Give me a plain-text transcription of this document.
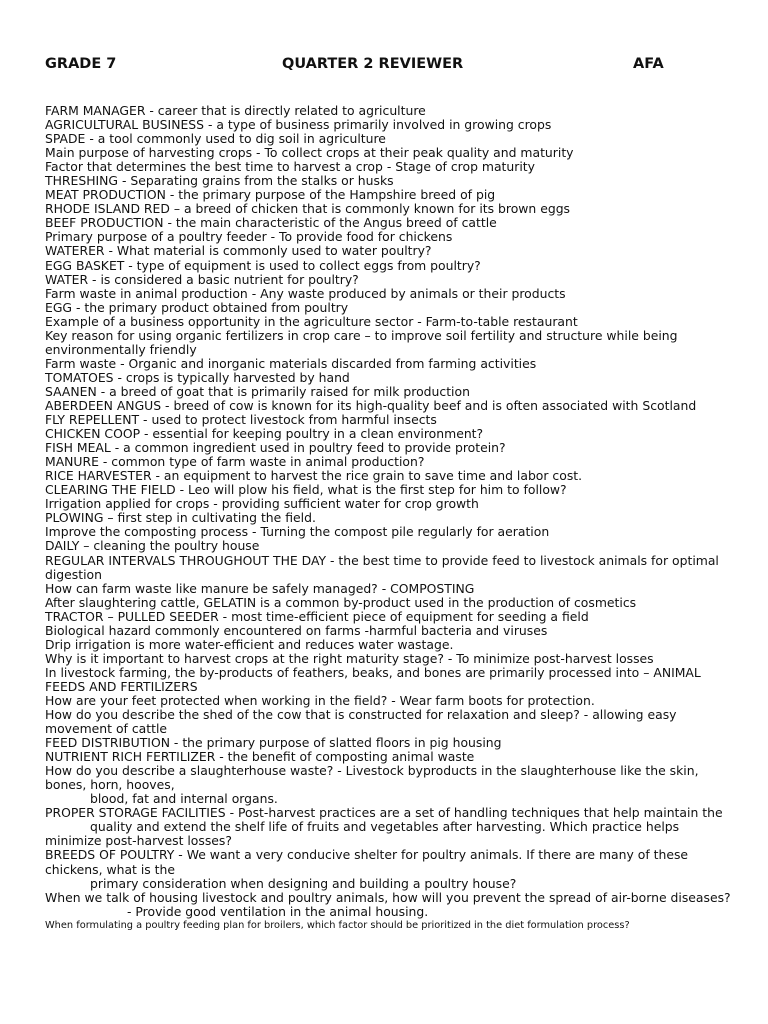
GRADE 7	QUARTER 2 REVIEWER	AFA
FARM MANAGER - career that is directly related to agriculture
AGRICULTURAL BUSINESS - a type of business primarily involved in growing crops
SPADE - a tool commonly used to dig soil in agriculture
Main purpose of harvesting crops - To collect crops at their peak quality and maturity
Factor that determines the best time to harvest a crop - Stage of crop maturity
THRESHING - Separating grains from the stalks or husks
MEAT PRODUCTION - the primary purpose of the Hampshire breed of pig
RHODE ISLAND RED – a breed of chicken that is commonly known for its brown eggs
BEEF PRODUCTION - the main characteristic of the Angus breed of cattle
Primary purpose of a poultry feeder - To provide food for chickens
WATERER - What material is commonly used to water poultry?
EGG BASKET - type of equipment is used to collect eggs from poultry?
WATER - is considered a basic nutrient for poultry?
Farm waste in animal production - Any waste produced by animals or their products
EGG - the primary product obtained from poultry
Example of a business opportunity in the agriculture sector - Farm-to-table restaurant
Key reason for using organic fertilizers in crop care – to improve soil fertility and structure while being environmentally friendly
Farm waste - Organic and inorganic materials discarded from farming activities
TOMATOES - crops is typically harvested by hand
SAANEN - a breed of goat that is primarily raised for milk production
ABERDEEN ANGUS - breed of cow is known for its high-quality beef and is often associated with Scotland
FLY REPELLENT - used to protect livestock from harmful insects
CHICKEN COOP - essential for keeping poultry in a clean environment?
FISH MEAL - a common ingredient used in poultry feed to provide protein?
MANURE - common type of farm waste in animal production?
RICE HARVESTER - an equipment to harvest the rice grain to save time and labor cost.
CLEARING THE FIELD - Leo will plow his field, what is the first step for him to follow?
Irrigation applied for crops - providing sufficient water for crop growth
PLOWING – first step in cultivating the field.
Improve the composting process - Turning the compost pile regularly for aeration
DAILY – cleaning the poultry house
REGULAR INTERVALS THROUGHOUT THE DAY - the best time to provide feed to livestock animals for optimal digestion
How can farm waste like manure be safely managed? - COMPOSTING
After slaughtering cattle, GELATIN is a common by-product used in the production of cosmetics
TRACTOR – PULLED SEEDER - most time-efficient piece of equipment for seeding a field
Biological hazard commonly encountered on farms -harmful bacteria and viruses
Drip irrigation is more water-efficient and reduces water wastage.
Why is it important to harvest crops at the right maturity stage? - To minimize post-harvest losses
In livestock farming, the by-products of feathers, beaks, and bones are primarily processed into – ANIMAL FEEDS AND FERTILIZERS
How are your feet protected when working in the field? - Wear farm boots for protection.
How do you describe the shed of the cow that is constructed for relaxation and sleep? - allowing easy movement of cattle
FEED DISTRIBUTION - the primary purpose of slatted floors in pig housing
NUTRIENT RICH FERTILIZER - the benefit of composting animal waste
How do you describe a slaughterhouse waste? - Livestock byproducts in the slaughterhouse like the skin, bones, horn, hooves,
blood, fat and internal organs.
PROPER STORAGE FACILITIES - Post-harvest practices are a set of handling techniques that help maintain the
quality and extend the shelf life of fruits and vegetables after harvesting. Which practice helps minimize post-harvest losses?
BREEDS OF POULTRY - We want a very conducive shelter for poultry animals. If there are many of these chickens, what is the
primary consideration when designing and building a poultry house?
When we talk of housing livestock and poultry animals, how will you prevent the spread of air-borne diseases?
- Provide good ventilation in the animal housing.
When formulating a poultry feeding plan for broilers, which factor should be prioritized in the diet formulation process?
